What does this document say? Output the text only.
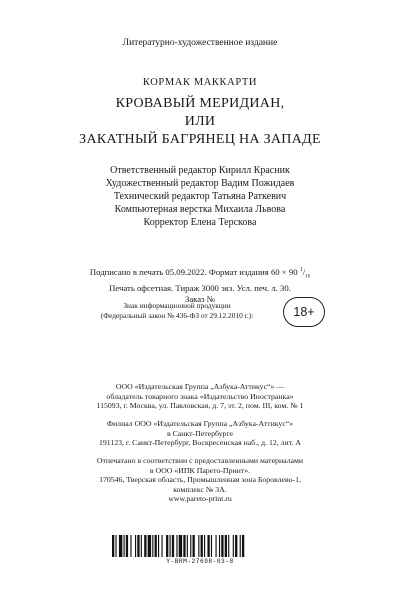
Литературно-художественное издание
КОРМАК МАККАРТИ
КРОВАВЫЙ МЕРИДИАН,
ИЛИ
ЗАКАТНЫЙ БАГРЯНЕЦ НА ЗАПАДЕ
Ответственный редактор Кирилл Красник
Художественный редактор Вадим Пожидаев
Технический редактор Татьяна Раткевич
Компьютерная верстка Михаила Львова
Корректор Елена Терскова
Подписано в печать 05.09.2022. Формат издания 60 × 90 $^1/_{16}$
Печать офсетная. Тираж 3000 экз. Усл. печ. л. 30.
Заказ №
Знак информационной продукции
(Федеральный закон № 436-ФЗ от 29.12.2010 г.):	18+
ООО «Издательская Группа „Азбука-Аттикус“» —
обладатель товарного знака «Издательство Иностранка»
115093, г. Москва, ул. Павловская, д. 7, эт. 2, пом. III, ком. № 1
Филиал ООО «Издательская Группа „Азбука-Аттикус“»
в Санкт-Петербурге
191123, г. Санкт-Петербург, Воскресенская наб., д. 12, лит. А
Отпечатано в соответствии с предоставленными материалами
в ООО «ИПК Парето-Принт».
170546, Тверская область, Промышленная зона Боровлево-1,
комплекс № 3А.
www.pareto-print.ru
Y-BRM-27698-03-8
